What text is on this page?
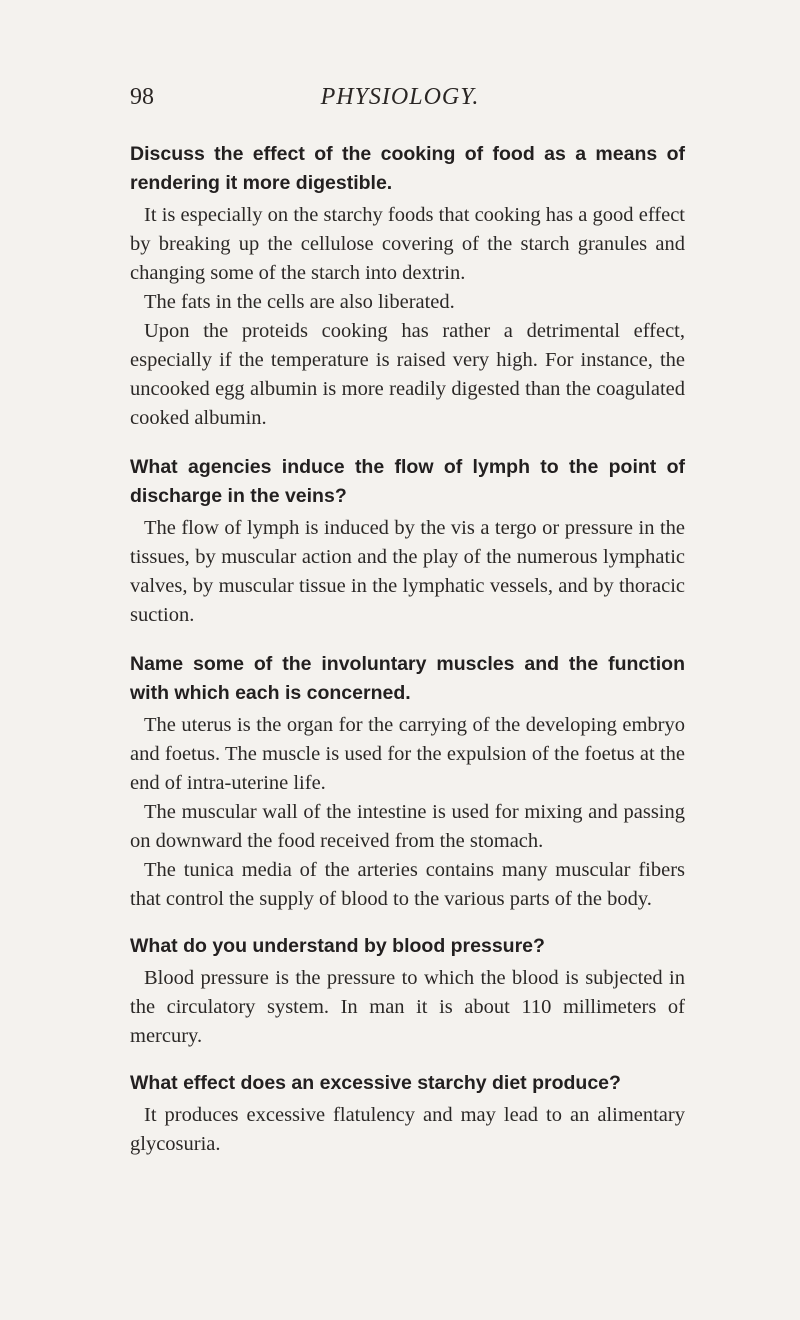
98	PHYSIOLOGY.

Discuss the effect of the cooking of food as a means of rendering it more digestible.

It is especially on the starchy foods that cooking has a good effect by breaking up the cellulose covering of the starch granules and changing some of the starch into dextrin.

The fats in the cells are also liberated.

Upon the proteids cooking has rather a detrimental effect, especially if the temperature is raised very high. For instance, the uncooked egg albumin is more readily digested than the coagulated cooked albumin.

What agencies induce the flow of lymph to the point of discharge in the veins?

The flow of lymph is induced by the vis a tergo or pressure in the tissues, by muscular action and the play of the numerous lymphatic valves, by muscular tissue in the lymphatic vessels, and by thoracic suction.

Name some of the involuntary muscles and the function with which each is concerned.

The uterus is the organ for the carrying of the developing embryo and foetus. The muscle is used for the expulsion of the foetus at the end of intra-uterine life.

The muscular wall of the intestine is used for mixing and passing on downward the food received from the stomach.

The tunica media of the arteries contains many muscular fibers that control the supply of blood to the various parts of the body.

What do you understand by blood pressure?

Blood pressure is the pressure to which the blood is subjected in the circulatory system. In man it is about 110 millimeters of mercury.

What effect does an excessive starchy diet produce?

It produces excessive flatulency and may lead to an alimentary glycosuria.
